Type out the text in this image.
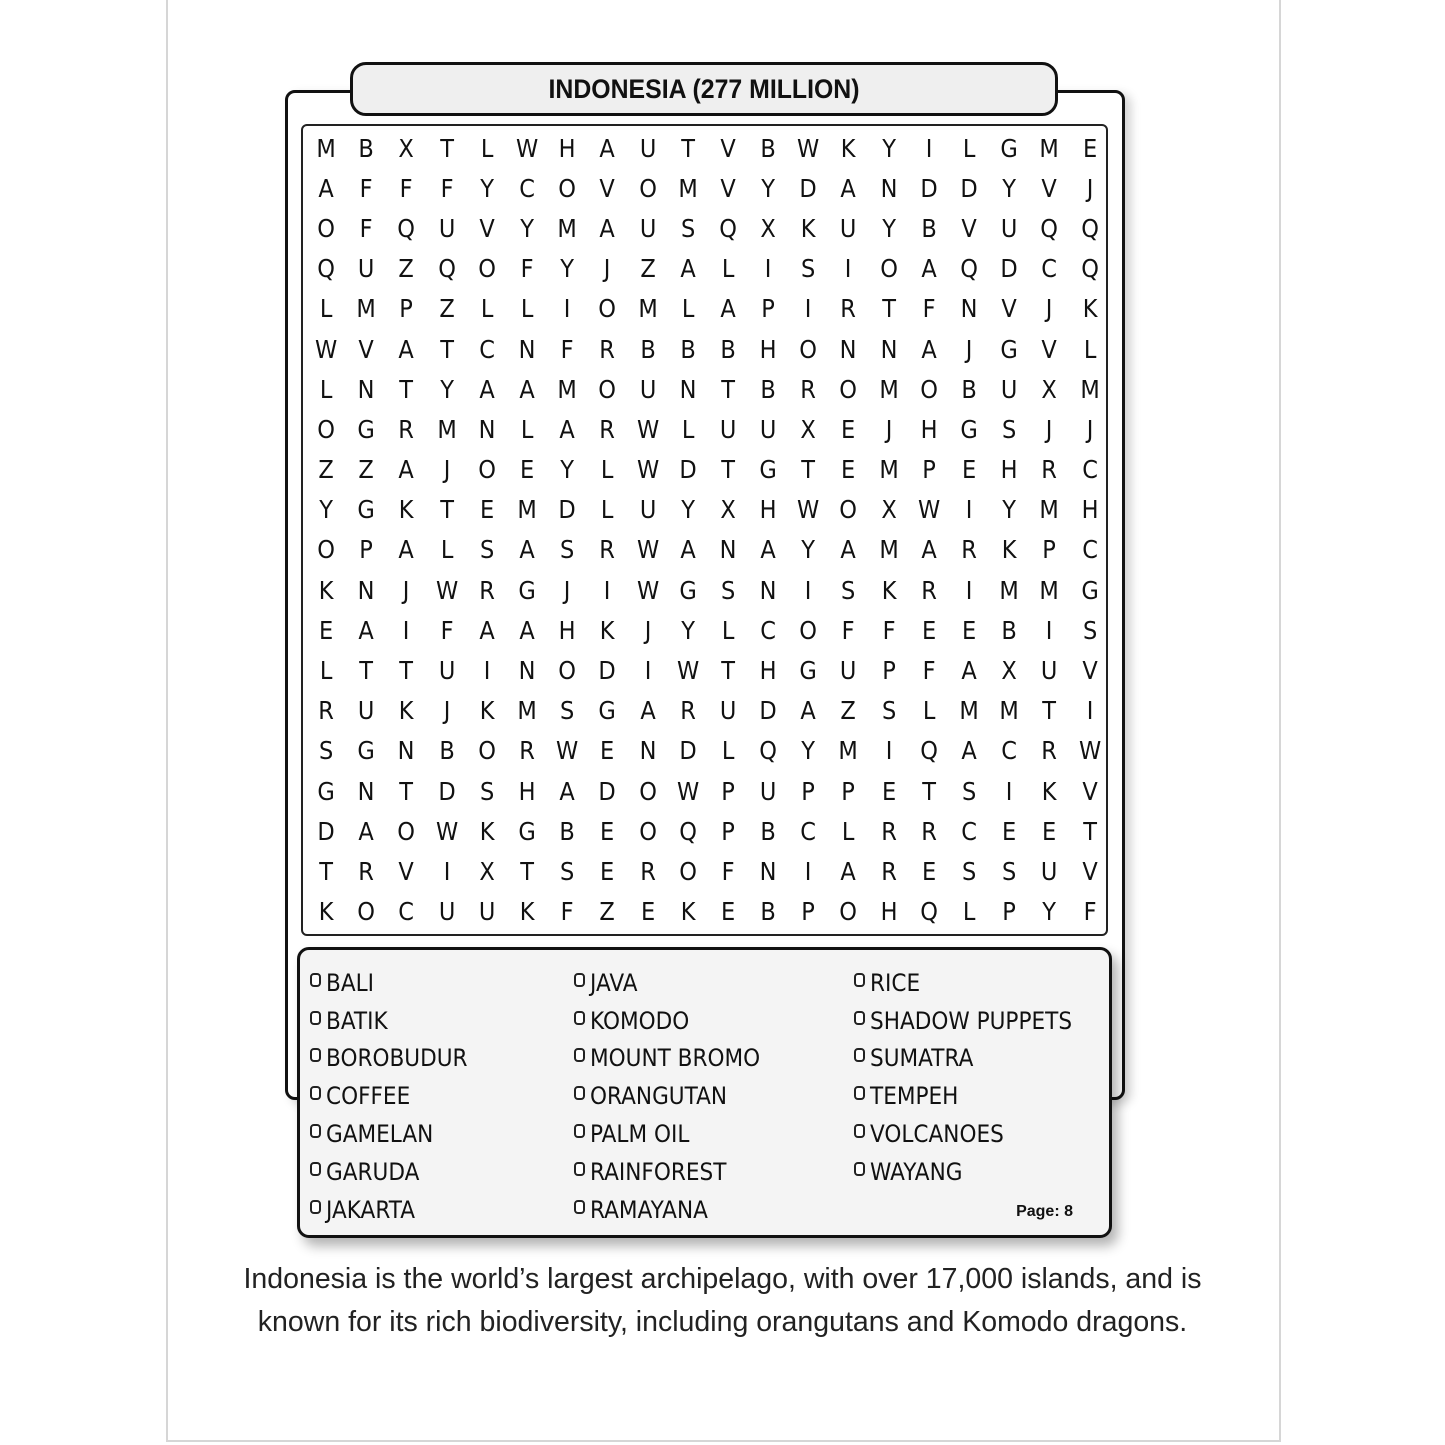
INDONESIA (277 MILLION)
M B X	T	L W H A U	T	V B W K	Y	I	L	G M E
A	F	F	F	Y	C O V O M V	Y D A N D D Y	V	J
O F Q U V	Y M A U S Q X	K U	Y	B V U Q Q
Q U Z Q O F	Y	J	Z A	L	I	S	I	O A Q D C Q
L M P	Z	L	L	I	O M L	A	P	I	R	T	F	N V	J	K
W V A	T	C N	F	R B B B H O N N A	J	G V	L
L	N T	Y	A A M O U N T	B R O M O B U X M
O G R M N	L	A R W L	U U X	E	J	H G S	J	J
Z Z A	J	O E	Y	L W D T G T	E M P	E H R C
Y G K	T	E M D	L	U	Y	X H W O X W	I	Y M H
O P	A	L	S	A	S	R W A N A	Y	A M A R K	P	C
K N	J	W R G	J	I	W G S N	I	S	K R	I	M M G
E	A	I	F	A A H K	J	Y	L	C O F	F	E	E	B	I	S
L	T	T	U	I	N O D	I	W T H G U	P	F	A X U V
R U K	J	K M S G A R U D A Z	S	L M M T	I
S G N B O R W E N D	L	Q Y M	I	Q A C R W
G N T D S H A D O W P	U	P	P	E	T	S	I	K	V
D A O W K G B	E O Q P	B C	L	R R C	E	E	T
T	R V	I	X	T	S	E	R O F	N	I	A R	E	S	S U V
K O C U U K	F	Z	E	K	E	B	P O H Q	L	P	Y	F
BALI
BATIK
BOROBUDUR
COFFEE
GAMELAN
GARUDA
JAKARTA
JAVA
KOMODO
MOUNT BROMO
ORANGUTAN
PALM OIL
RAINFOREST
RAMAYANA
RICE
SHADOW PUPPETS
SUMATRA
TEMPEH
VOLCANOES
WAYANG
Page: 8
Indonesia is the world’s largest archipelago, with over 17,000 islands, and is known for its rich biodiversity, including orangutans and Komodo dragons.
